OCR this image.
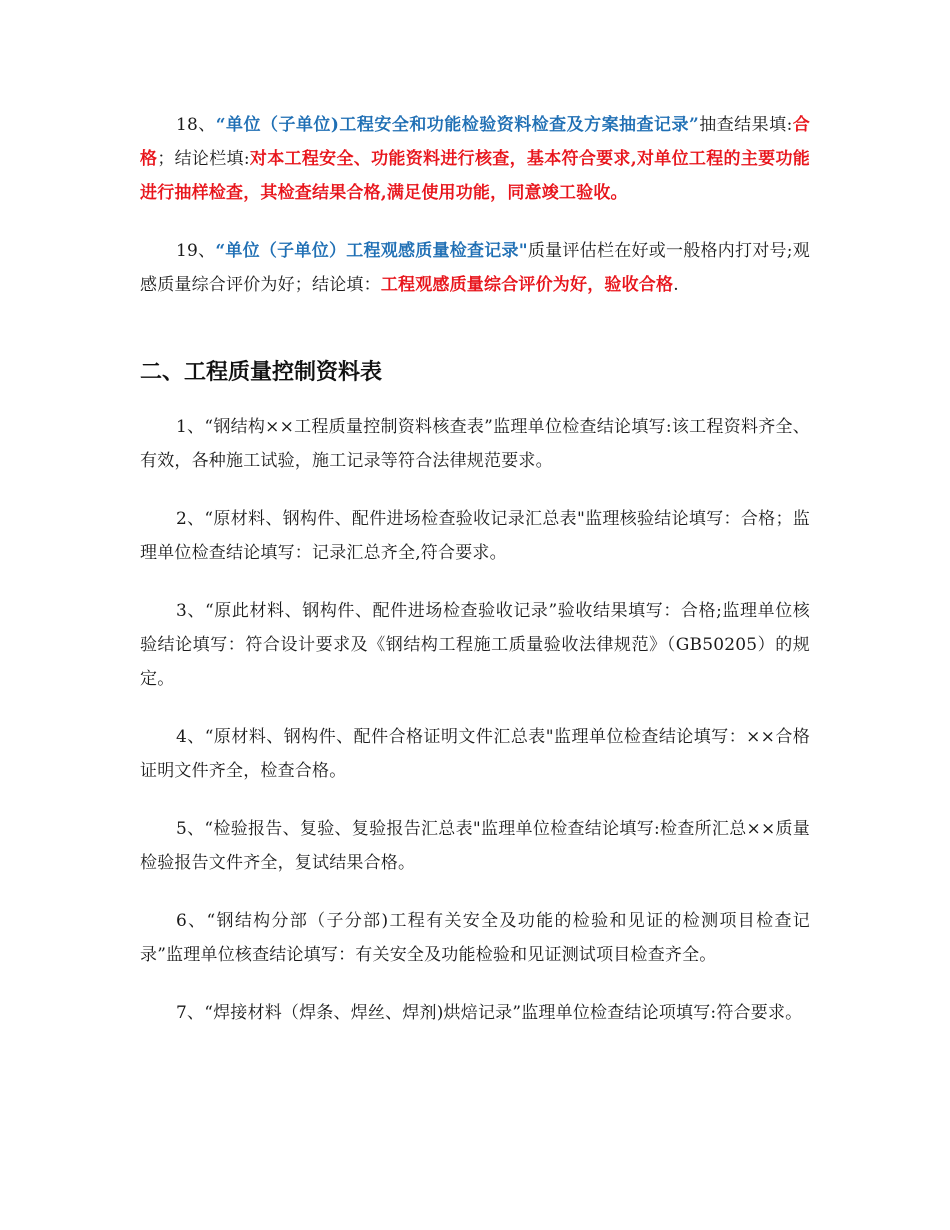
18、“单位（子单位)工程安全和功能检验资料检查及方案抽查记录”抽查结果填:合格；结论栏填:对本工程安全、功能资料进行核查，基本符合要求,对单位工程的主要功能进行抽样检查，其检查结果合格,满足使用功能，同意竣工验收。

19、“单位（子单位）工程观感质量检查记录"质量评估栏在好或一般格内打对号;观感质量综合评价为好；结论填：工程观感质量综合评价为好，验收合格.

二、工程质量控制资料表

1、“钢结构××工程质量控制资料核查表”监理单位检查结论填写:该工程资料齐全、有效，各种施工试验，施工记录等符合法律规范要求。

2、“原材料、钢构件、配件进场检查验收记录汇总表"监理核验结论填写：合格；监理单位检查结论填写：记录汇总齐全,符合要求。

3、“原此材料、钢构件、配件进场检查验收记录”验收结果填写：合格;监理单位核验结论填写：符合设计要求及《钢结构工程施工质量验收法律规范》（GB50205）的规定。

4、“原材料、钢构件、配件合格证明文件汇总表"监理单位检查结论填写：××合格证明文件齐全，检查合格。

5、“检验报告、复验、复验报告汇总表"监理单位检查结论填写:检查所汇总××质量检验报告文件齐全，复试结果合格。

6、“钢结构分部（子分部)工程有关安全及功能的检验和见证的检测项目检查记录”监理单位核查结论填写：有关安全及功能检验和见证测试项目检查齐全。

7、“焊接材料（焊条、焊丝、焊剂)烘焙记录”监理单位检查结论项填写:符合要求。
